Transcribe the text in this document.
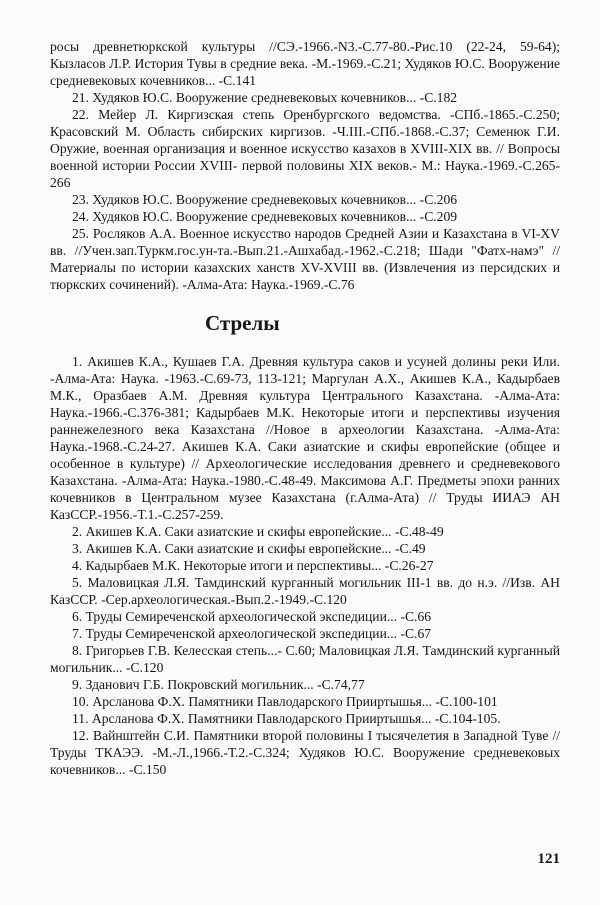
росы древнетюркской культуры //СЭ.-1966.-N3.-С.77-80.-Рис.10 (22-24, 59-64); Кызласов Л.Р. История Тувы в средние века. -М.-1969.-С.21; Худяков Ю.С. Вооружение средневековых кочевников... -С.141

21. Худяков Ю.С. Вооружение средневековых кочевников... -С.182

22. Мейер Л. Киргизская степь Оренбургского ведомства. -СПб.-1865.-С.250; Красовский М. Область сибирских киргизов. -Ч.III.-СПб.-1868.-С.37; Семенюк Г.И. Оружие, военная организация и военное искусство казахов в XVIII-XIX вв. // Вопросы военной истории России XVIII- первой половины XIX веков.- М.: Наука.-1969.-С.265-266

23. Худяков Ю.С. Вооружение средневековых кочевников... -С.206

24. Худяков Ю.С. Вооружение средневековых кочевников... -С.209

25. Росляков А.А. Военное искусство народов Средней Азии и Казахстана в VI-XV вв. //Учен.зап.Туркм.гос.ун-та.-Вып.21.-Ашхабад.-1962.-С.218; Шади "Фатх-намэ" //Материалы по истории казахских ханств XV-XVIII вв. (Извлечения из персидских и тюркских сочинений). -Алма-Ата: Наука.-1969.-С.76

Стрелы

1. Акишев К.А., Кушаев Г.А. Древняя культура саков и усуней долины реки Или. -Алма-Ата: Наука. -1963.-С.69-73, 113-121; Маргулан А.Х., Акишев К.А., Кадырбаев М.К., Оразбаев А.М. Древняя культура Центрального Казахстана. -Алма-Ата: Наука.-1966.-С.376-381; Кадырбаев М.К. Некоторые итоги и перспективы изучения раннежелезного века Казахстана //Новое в археологии Казахстана. -Алма-Ата: Наука.-1968.-С.24-27. Акишев К.А. Саки азиатские и скифы европейские (общее и особенное в культуре) // Археологические исследования древнего и средневекового Казахстана. -Алма-Ата: Наука.-1980.-С.48-49. Максимова А.Г. Предметы эпохи ранних кочевников в Центральном музее Казахстана (г.Алма-Ата) // Труды ИИАЭ АН КазССР.-1956.-Т.1.-С.257-259.

2. Акишев К.А. Саки азиатские и скифы европейские... -С.48-49

3. Акишев К.А. Саки азиатские и скифы европейские... -С.49

4. Кадырбаев М.К. Некоторые итоги и перспективы... -С.26-27

5. Маловицкая Л.Я. Тамдинский курганный могильник III-1 вв. до н.э. //Изв. АН КазССР. -Сер.археологическая.-Вып.2.-1949.-С.120

6. Труды Семиреченской археологической экспедиции... -С.66

7. Труды Семиреченской археологической экспедиции... -С.67

8. Григорьев Г.В. Келесская степь...- С.60; Маловицкая Л.Я. Тамдинский курганный могильник... -С.120

9. Зданович Г.Б. Покровский могильник... -С.74,77

10. Арсланова Ф.Х. Памятники Павлодарского Прииртышья... -С.100-101

11. Арсланова Ф.Х. Памятники Павлодарского Прииртышья... -С.104-105.

12. Вайнштейн С.И. Памятники второй половины I тысячелетия в Западной Туве // Труды ТКАЭЭ. -М.-Л.,1966.-Т.2.-С.324; Худяков Ю.С. Вооружение средневековых кочевников... -С.150

121
